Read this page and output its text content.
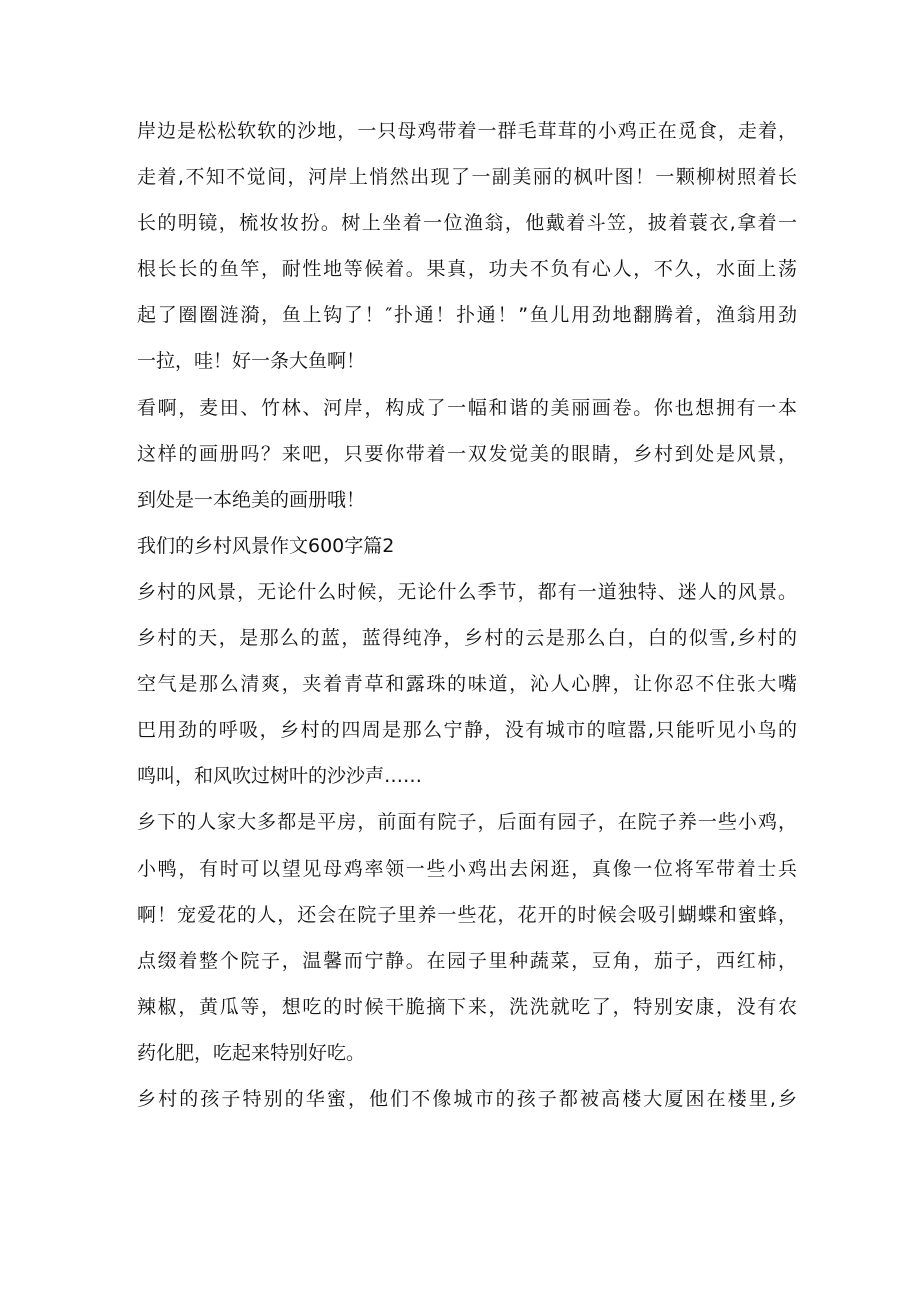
岸边是松松软软的沙地，一只母鸡带着一群毛茸茸的小鸡正在觅食，走着，
走着,不知不觉间，河岸上悄然出现了一副美丽的枫叶图！一颗柳树照着长
长的明镜，梳妆妆扮。树上坐着一位渔翁，他戴着斗笠，披着蓑衣,拿着一
根长长的鱼竿，耐性地等候着。果真，功夫不负有心人，不久，水面上荡
起了圈圈涟漪，鱼上钩了！″扑通！扑通！”鱼儿用劲地翻腾着，渔翁用劲
一拉，哇！好一条大鱼啊！
看啊，麦田、竹林、河岸，构成了一幅和谐的美丽画卷。你也想拥有一本
这样的画册吗？来吧，只要你带着一双发觉美的眼睛，乡村到处是风景，
到处是一本绝美的画册哦！
我们的乡村风景作文600字篇2
乡村的风景，无论什么时候，无论什么季节，都有一道独特、迷人的风景。
乡村的天，是那么的蓝，蓝得纯净，乡村的云是那么白，白的似雪,乡村的
空气是那么清爽，夹着青草和露珠的味道，沁人心脾，让你忍不住张大嘴
巴用劲的呼吸，乡村的四周是那么宁静，没有城市的喧嚣,只能听见小鸟的
鸣叫，和风吹过树叶的沙沙声……
乡下的人家大多都是平房，前面有院子，后面有园子，在院子养一些小鸡，
小鸭，有时可以望见母鸡率领一些小鸡出去闲逛，真像一位将军带着士兵
啊！宠爱花的人，还会在院子里养一些花，花开的时候会吸引蝴蝶和蜜蜂，
点缀着整个院子，温馨而宁静。在园子里种蔬菜，豆角，茄子，西红柿，
辣椒，黄瓜等，想吃的时候干脆摘下来，洗洗就吃了，特别安康，没有农
药化肥，吃起来特别好吃。
乡村的孩子特别的华蜜，他们不像城市的孩子都被高楼大厦困在楼里,乡
